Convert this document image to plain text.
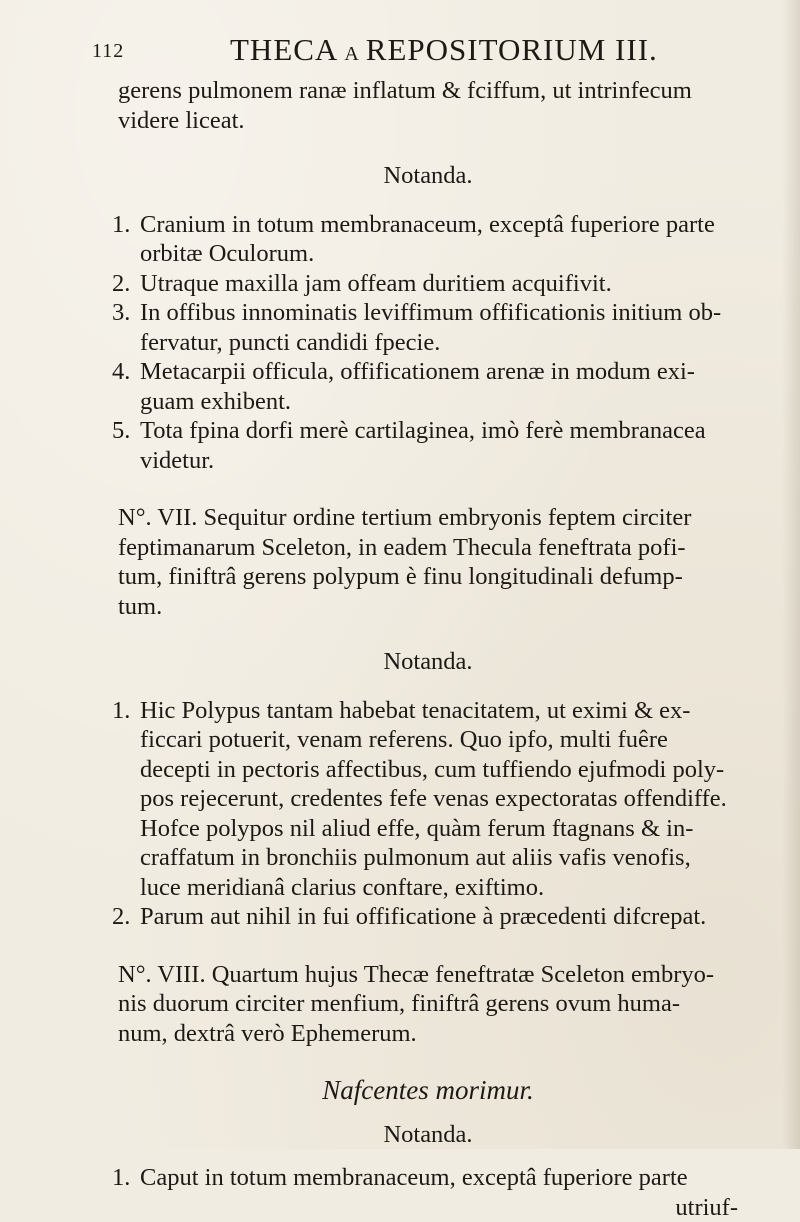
112	THECA A REPOSITORIUM III.

gerens pulmonem ranæ inflatum & fciffum, ut intrinfecum
videre liceat.

Notanda.
1. Cranium in totum membranaceum, exceptâ fuperiore parte
orbitæ Oculorum.
2. Utraque maxilla jam offeam duritiem acquifivit.
3. In offibus innominatis leviffimum offificationis initium ob-
fervatur, puncti candidi fpecie.
4. Metacarpii officula, offificationem arenæ in modum exi-
guam exhibent.
5. Tota fpina dorfi merè cartilaginea, imò ferè membranacea
videtur.

N°. VII. Sequitur ordine tertium embryonis feptem circiter
feptimanarum Sceleton, in eadem Thecula feneftrata pofi-
tum, finiftrâ gerens polypum è finu longitudinali defump-
tum.

Notanda.
1. Hic Polypus tantam habebat tenacitatem, ut eximi & ex-
ficcari potuerit, venam referens. Quo ipfo, multi fuêre
decepti in pectoris affectibus, cum tuffiendo ejufmodi poly-
pos rejecerunt, credentes fefe venas expectoratas offendiffe.
Hofce polypos nil aliud effe, quàm ferum ftagnans & in-
craffatum in bronchiis pulmonum aut aliis vafis venofis,
luce meridianâ clarius conftare, exiftimo.
2. Parum aut nihil in fui offificatione à præcedenti difcrepat.

N°. VIII. Quartum hujus Thecæ feneftratæ Sceleton embryo-
nis duorum circiter menfium, finiftrâ gerens ovum huma-
num, dextrâ verò Ephemerum.

Nafcentes morimur.
Notanda.
1. Caput in totum membranaceum, exceptâ fuperiore parte

utriuf-
